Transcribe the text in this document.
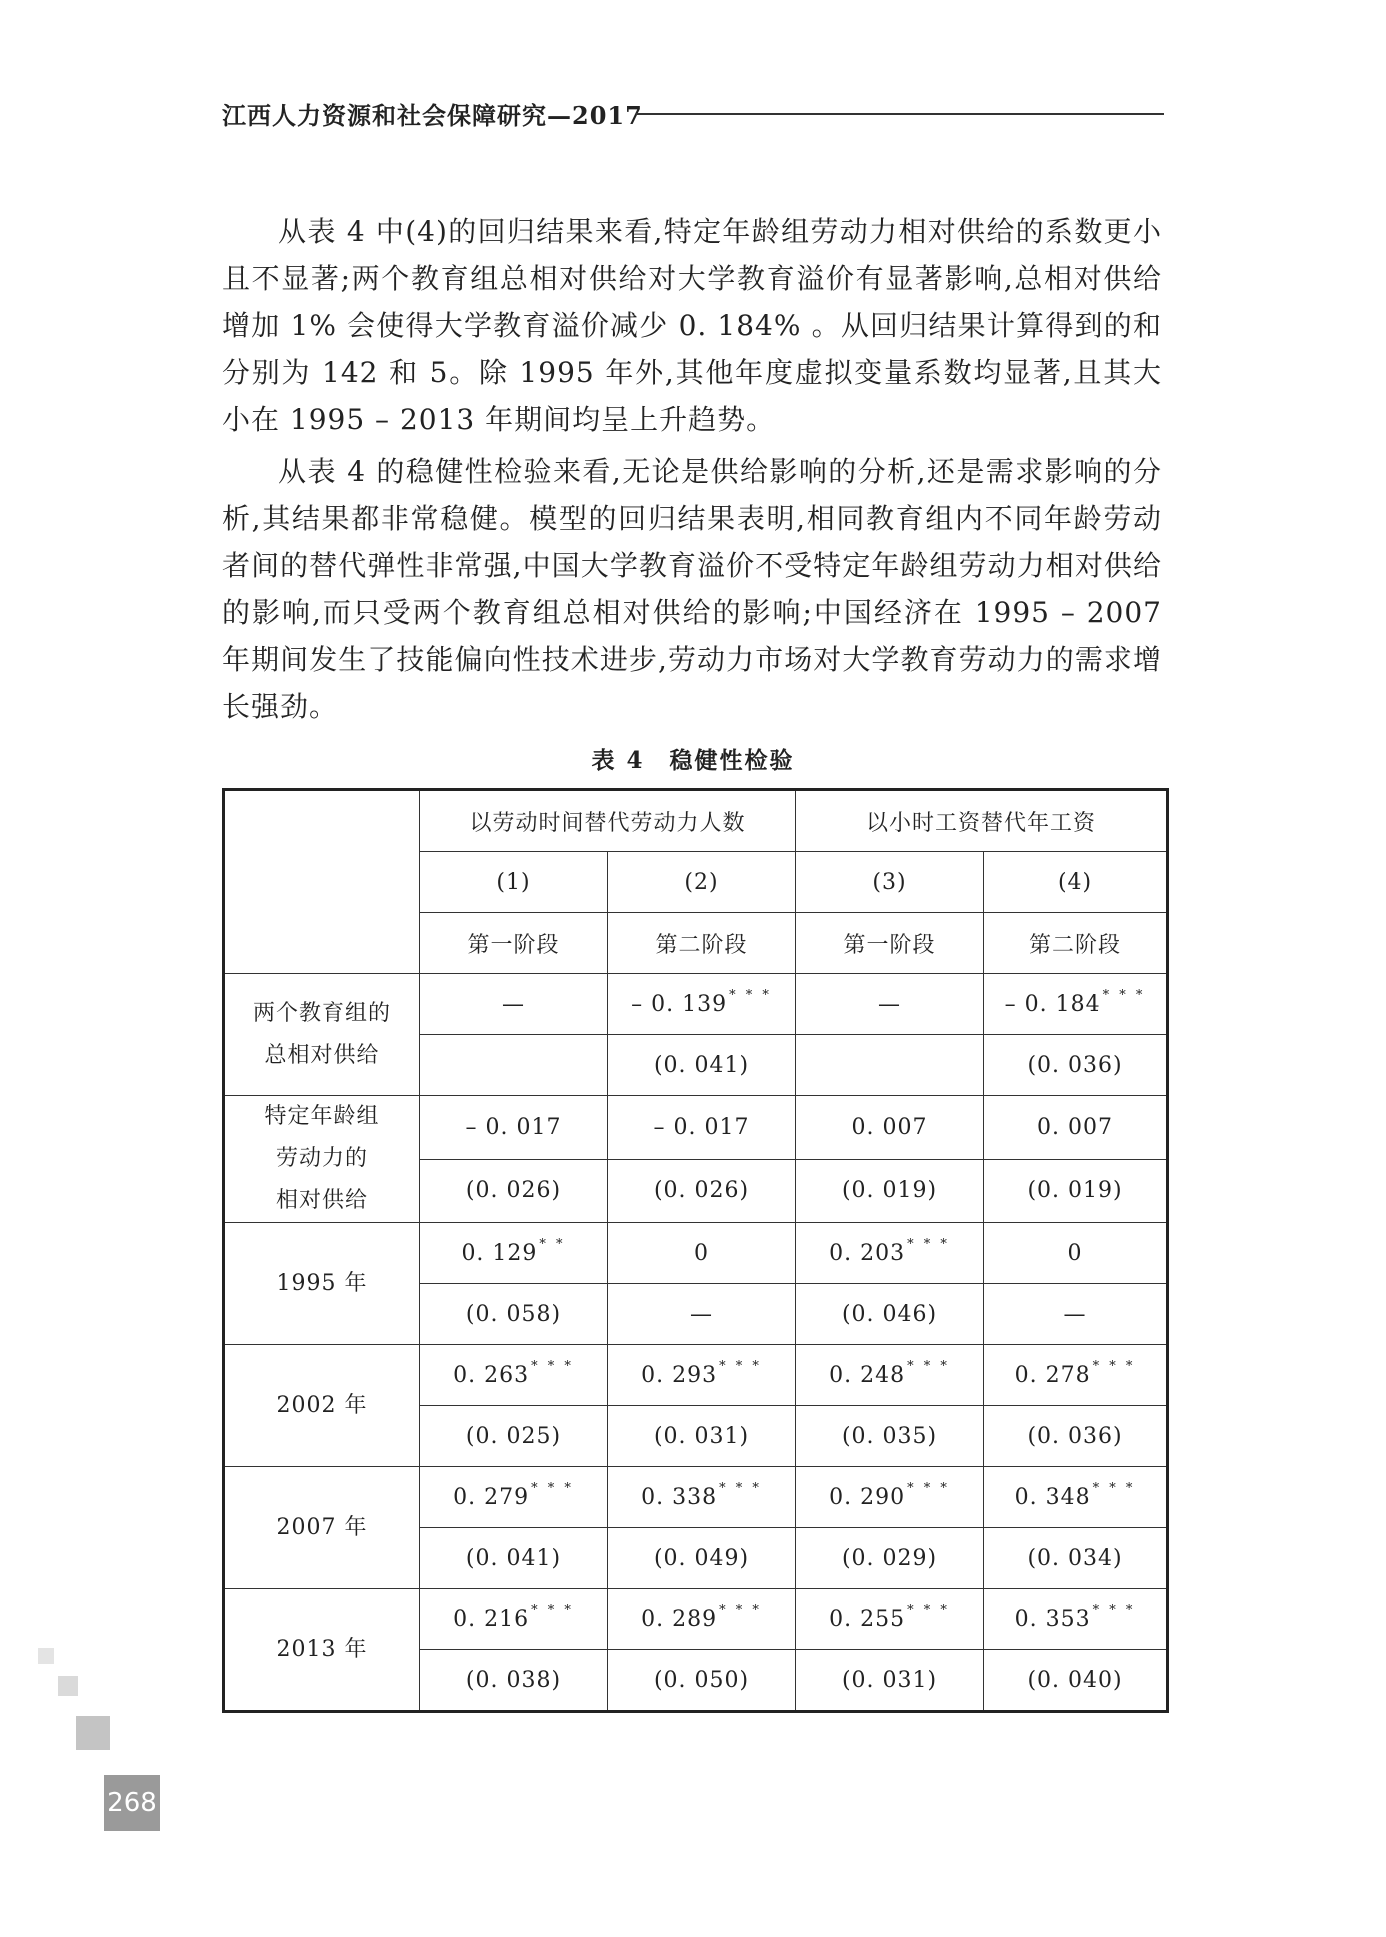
江西人力资源和社会保障研究—2017

从表 4 中(4)的回归结果来看,特定年龄组劳动力相对供给的系数更小且不显著;两个教育组总相对供给对大学教育溢价有显著影响,总相对供给增加 1% 会使得大学教育溢价减少 0. 184% 。从回归结果计算得到的和分别为 142 和 5。除 1995 年外,其他年度虚拟变量系数均显著,且其大小在 1995 – 2013 年期间均呈上升趋势。

从表 4 的稳健性检验来看,无论是供给影响的分析,还是需求影响的分析,其结果都非常稳健。模型的回归结果表明,相同教育组内不同年龄劳动者间的替代弹性非常强,中国大学教育溢价不受特定年龄组劳动力相对供给的影响,而只受两个教育组总相对供给的影响;中国经济在 1995 – 2007 年期间发生了技能偏向性技术进步,劳动力市场对大学教育劳动力的需求增长强劲。

表 4　稳健性检验
	以劳动时间替代劳动力人数		以小时工资替代年工资	
	(1)	(2)	(3)	(4)
	第一阶段	第二阶段	第一阶段	第二阶段

两个教育组的
总相对供给	—	– 0. 139 * * *	—	– 0. 184 * * *
		(0. 041)		(0. 036)

特定年龄组
劳动力的
相对供给	– 0. 017	– 0. 017	0. 007	0. 007
	(0. 026)	(0. 026)	(0. 019)	(0. 019)

1995 年	0. 129 * *	0	0. 203 * * *	0
	(0. 058)	—	(0. 046)	—

2002 年	0. 263 * * *	0. 293 * * *	0. 248 * * *	0. 278 * * *
	(0. 025)	(0. 031)	(0. 035)	(0. 036)

2007 年	0. 279 * * *	0. 338 * * *	0. 290 * * *	0. 348 * * *
	(0. 041)	(0. 049)	(0. 029)	(0. 034)

2013 年	0. 216 * * *	0. 289 * * *	0. 255 * * *	0. 353 * * *
	(0. 038)	(0. 050)	(0. 031)	(0. 040)
268
